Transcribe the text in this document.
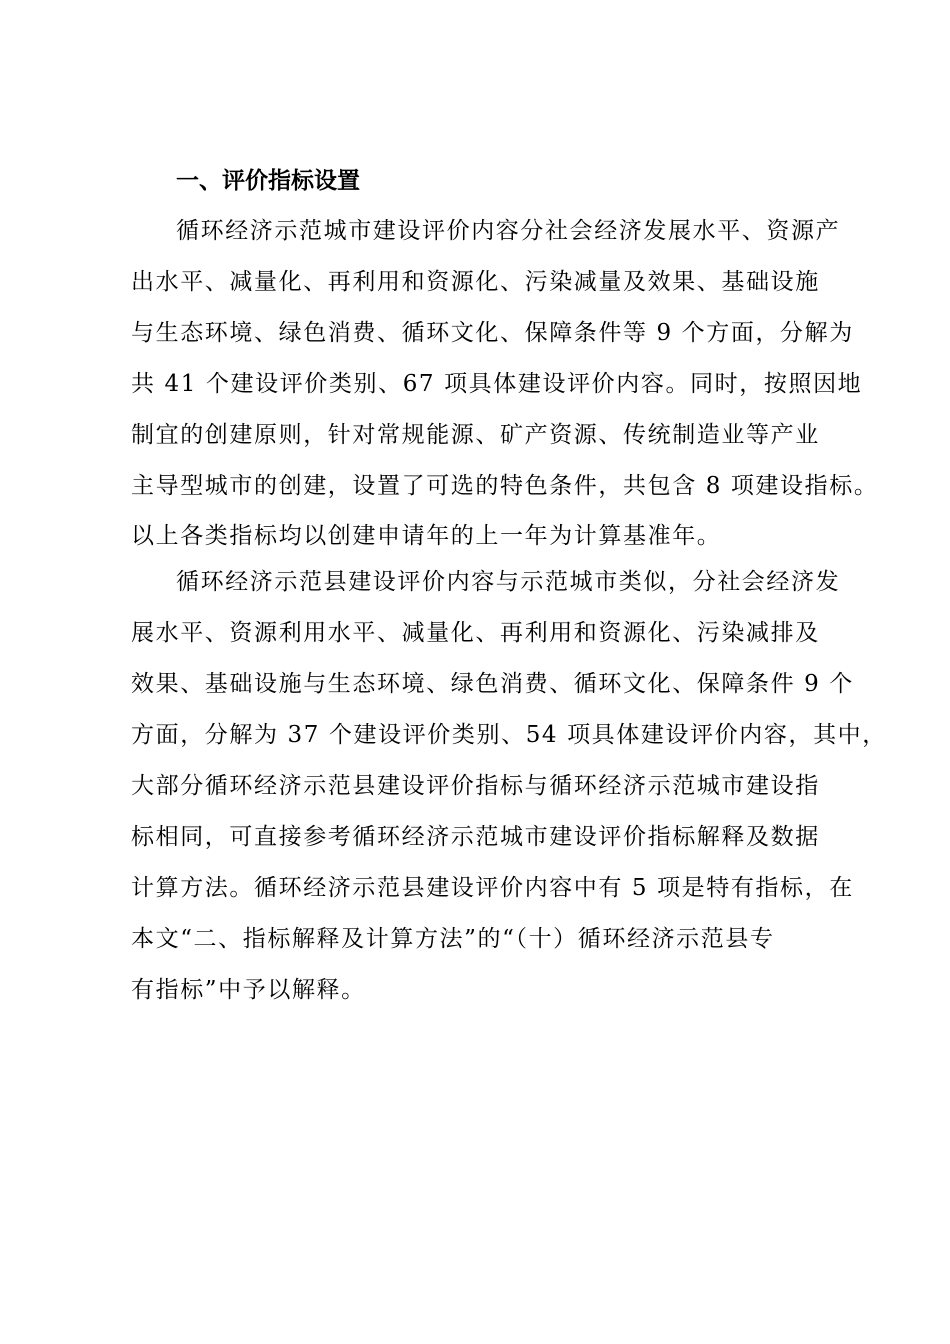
一、评价指标设置
循环经济示范城市建设评价内容分社会经济发展水平、资源产
出水平、减量化、再利用和资源化、污染减量及效果、基础设施
与生态环境、绿色消费、循环文化、保障条件等 9 个方面，分解为
共 41 个建设评价类别、67 项具体建设评价内容。同时，按照因地
制宜的创建原则，针对常规能源、矿产资源、传统制造业等产业
主导型城市的创建，设置了可选的特色条件，共包含 8 项建设指标。
以上各类指标均以创建申请年的上一年为计算基准年。
循环经济示范县建设评价内容与示范城市类似，分社会经济发
展水平、资源利用水平、减量化、再利用和资源化、污染减排及
效果、基础设施与生态环境、绿色消费、循环文化、保障条件 9 个
方面，分解为 37 个建设评价类别、54 项具体建设评价内容，其中，
大部分循环经济示范县建设评价指标与循环经济示范城市建设指
标相同，可直接参考循环经济示范城市建设评价指标解释及数据
计算方法。循环经济示范县建设评价内容中有 5 项是特有指标，在
本文“二、指标解释及计算方法”的“（十）循环经济示范县专
有指标”中予以解释。
